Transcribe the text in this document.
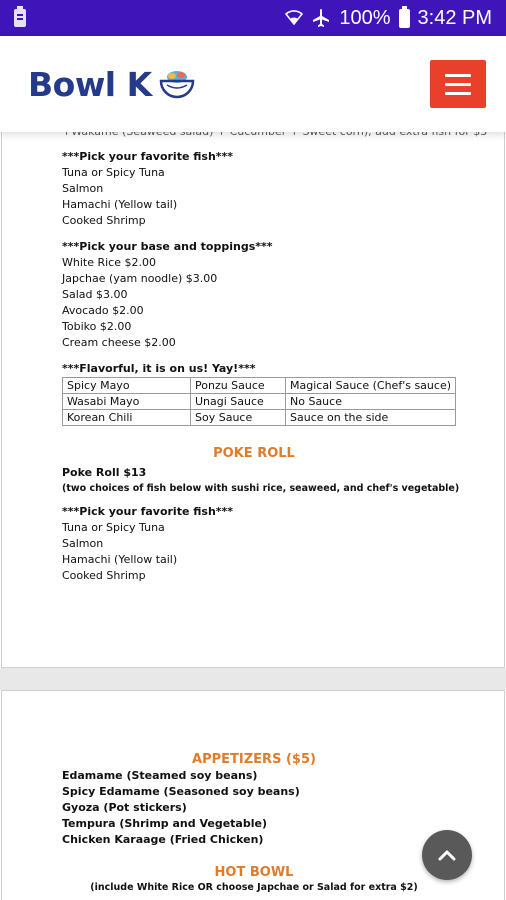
100% 3:42 PM
Bowl K
***Pick your favorite fish***
Tuna or Spicy Tuna
Salmon
Hamachi (Yellow tail)
Cooked Shrimp
***Pick your base and toppings***
White Rice $2.00
Japchae (yam noodle) $3.00
Salad $3.00
Avocado $2.00
Tobiko $2.00
Cream cheese $2.00
***Flavorful, it is on us! Yay!***
Spicy Mayo	Ponzu Sauce	Magical Sauce (Chef's sauce)
Wasabi Mayo	Unagi Sauce	No Sauce
Korean Chili	Soy Sauce	Sauce on the side
POKE ROLL
Poke Roll $13
(two choices of fish below with sushi rice, seaweed, and chef's vegetable)
***Pick your favorite fish***
Tuna or Spicy Tuna
Salmon
Hamachi (Yellow tail)
Cooked Shrimp
APPETIZERS ($5)
Edamame (Steamed soy beans)
Spicy Edamame (Seasoned soy beans)
Gyoza (Pot stickers)
Tempura (Shrimp and Vegetable)
Chicken Karaage (Fried Chicken)
HOT BOWL
(include White Rice OR choose Japchae or Salad for extra $2)
